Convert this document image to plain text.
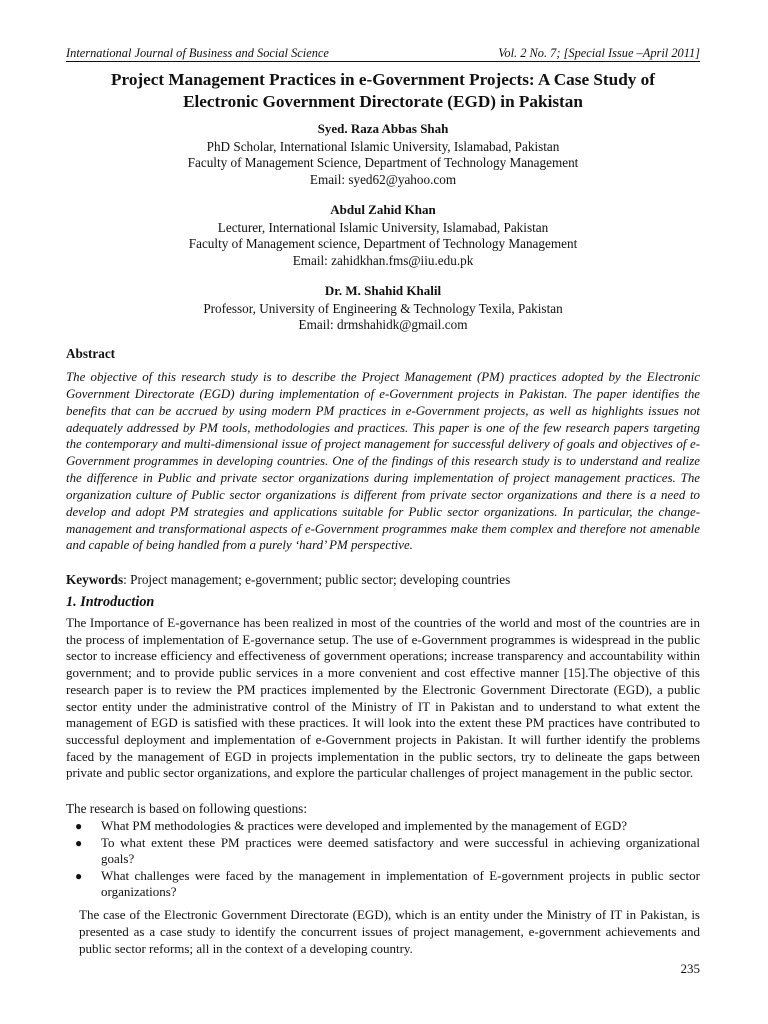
International Journal of Business and Social Science	Vol. 2 No. 7; [Special Issue –April 2011]
Project Management Practices in e-Government Projects: A Case Study of
Electronic Government Directorate (EGD) in Pakistan
Syed. Raza Abbas Shah
PhD Scholar, International Islamic University, Islamabad, Pakistan
Faculty of Management Science, Department of Technology Management
Email: syed62@yahoo.com
Abdul Zahid Khan
Lecturer, International Islamic University, Islamabad, Pakistan
Faculty of Management science, Department of Technology Management
Email: zahidkhan.fms@iiu.edu.pk
Dr. M. Shahid Khalil
Professor, University of Engineering & Technology Texila, Pakistan
Email: drmshahidk@gmail.com
Abstract
The objective of this research study is to describe the Project Management (PM) practices adopted by the Electronic Government Directorate (EGD) during implementation of e-Government projects in Pakistan. The paper identifies the benefits that can be accrued by using modern PM practices in e-Government projects, as well as highlights issues not adequately addressed by PM tools, methodologies and practices. This paper is one of the few research papers targeting the contemporary and multi-dimensional issue of project management for successful delivery of goals and objectives of e-Government programmes in developing countries. One of the findings of this research study is to understand and realize the difference in Public and private sector organizations during implementation of project management practices. The organization culture of Public sector organizations is different from private sector organizations and there is a need to develop and adopt PM strategies and applications suitable for Public sector organizations. In particular, the change-management and transformational aspects of e-Government programmes make them complex and therefore not amenable and capable of being handled from a purely ‘hard’ PM perspective.
Keywords: Project management; e-government; public sector; developing countries
1. Introduction
The Importance of E-governance has been realized in most of the countries of the world and most of the countries are in the process of implementation of E-governance setup. The use of e-Government programmes is widespread in the public sector to increase efficiency and effectiveness of government operations; increase transparency and accountability within government; and to provide public services in a more convenient and cost effective manner [15].The objective of this research paper is to review the PM practices implemented by the Electronic Government Directorate (EGD), a public sector entity under the administrative control of the Ministry of IT in Pakistan and to understand to what extent the management of EGD is satisfied with these practices. It will look into the extent these PM practices have contributed to successful deployment and implementation of e-Government projects in Pakistan. It will further identify the problems faced by the management of EGD in projects implementation in the public sectors, try to delineate the gaps between private and public sector organizations, and explore the particular challenges of project management in the public sector.
The research is based on following questions:
● What PM methodologies & practices were developed and implemented by the management of EGD?
● To what extent these PM practices were deemed satisfactory and were successful in achieving organizational goals?
● What challenges were faced by the management in implementation of E-government projects in public sector organizations?
The case of the Electronic Government Directorate (EGD), which is an entity under the Ministry of IT in Pakistan, is presented as a case study to identify the concurrent issues of project management, e-government achievements and public sector reforms; all in the context of a developing country.
235
